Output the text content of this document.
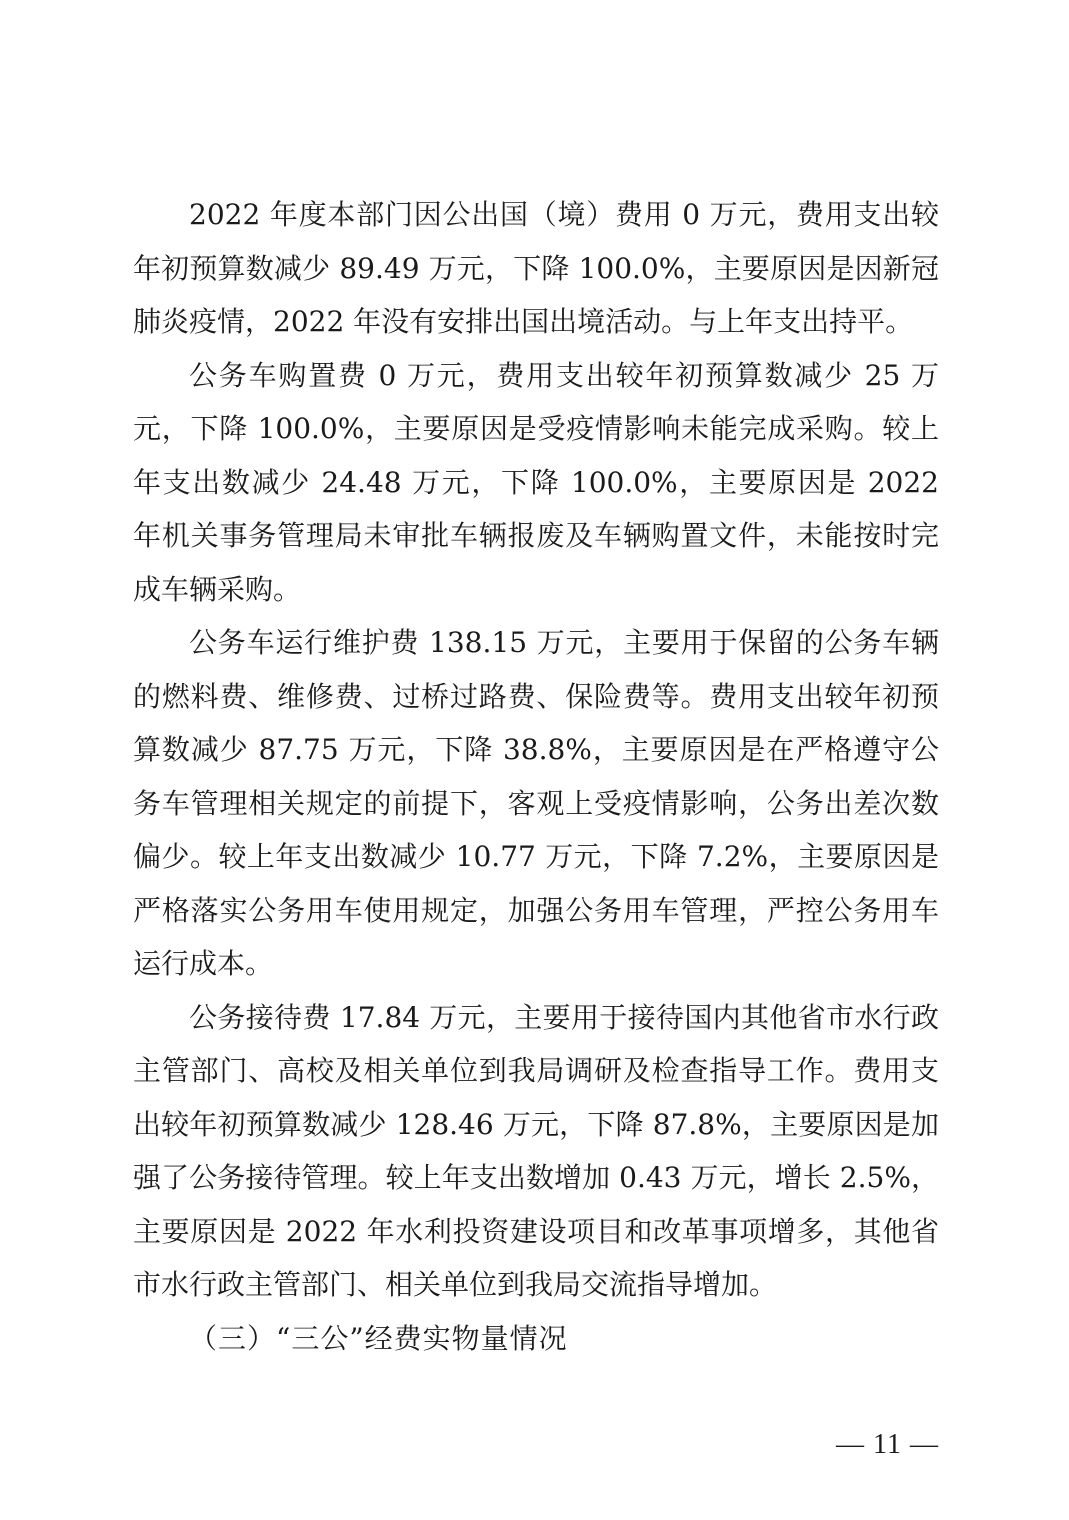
2022 年度本部门因公出国（境）费用 0 万元，费用支出较年初预算数减少 89.49 万元，下降 100.0%，主要原因是因新冠肺炎疫情，2022 年没有安排出国出境活动。与上年支出持平。

公务车购置费 0 万元，费用支出较年初预算数减少 25 万元，下降 100.0%，主要原因是受疫情影响未能完成采购。较上年支出数减少 24.48 万元，下降 100.0%，主要原因是 2022 年机关事务管理局未审批车辆报废及车辆购置文件，未能按时完成车辆采购。

公务车运行维护费 138.15 万元，主要用于保留的公务车辆的燃料费、维修费、过桥过路费、保险费等。费用支出较年初预算数减少 87.75 万元，下降 38.8%，主要原因是在严格遵守公务车管理相关规定的前提下，客观上受疫情影响，公务出差次数偏少。较上年支出数减少 10.77 万元，下降 7.2%，主要原因是严格落实公务用车使用规定，加强公务用车管理，严控公务用车运行成本。

公务接待费 17.84 万元，主要用于接待国内其他省市水行政主管部门、高校及相关单位到我局调研及检查指导工作。费用支出较年初预算数减少 128.46 万元，下降 87.8%，主要原因是加强了公务接待管理。较上年支出数增加 0.43 万元，增长 2.5%，主要原因是 2022 年水利投资建设项目和改革事项增多，其他省市水行政主管部门、相关单位到我局交流指导增加。

（三）“三公”经费实物量情况

— 11 —
